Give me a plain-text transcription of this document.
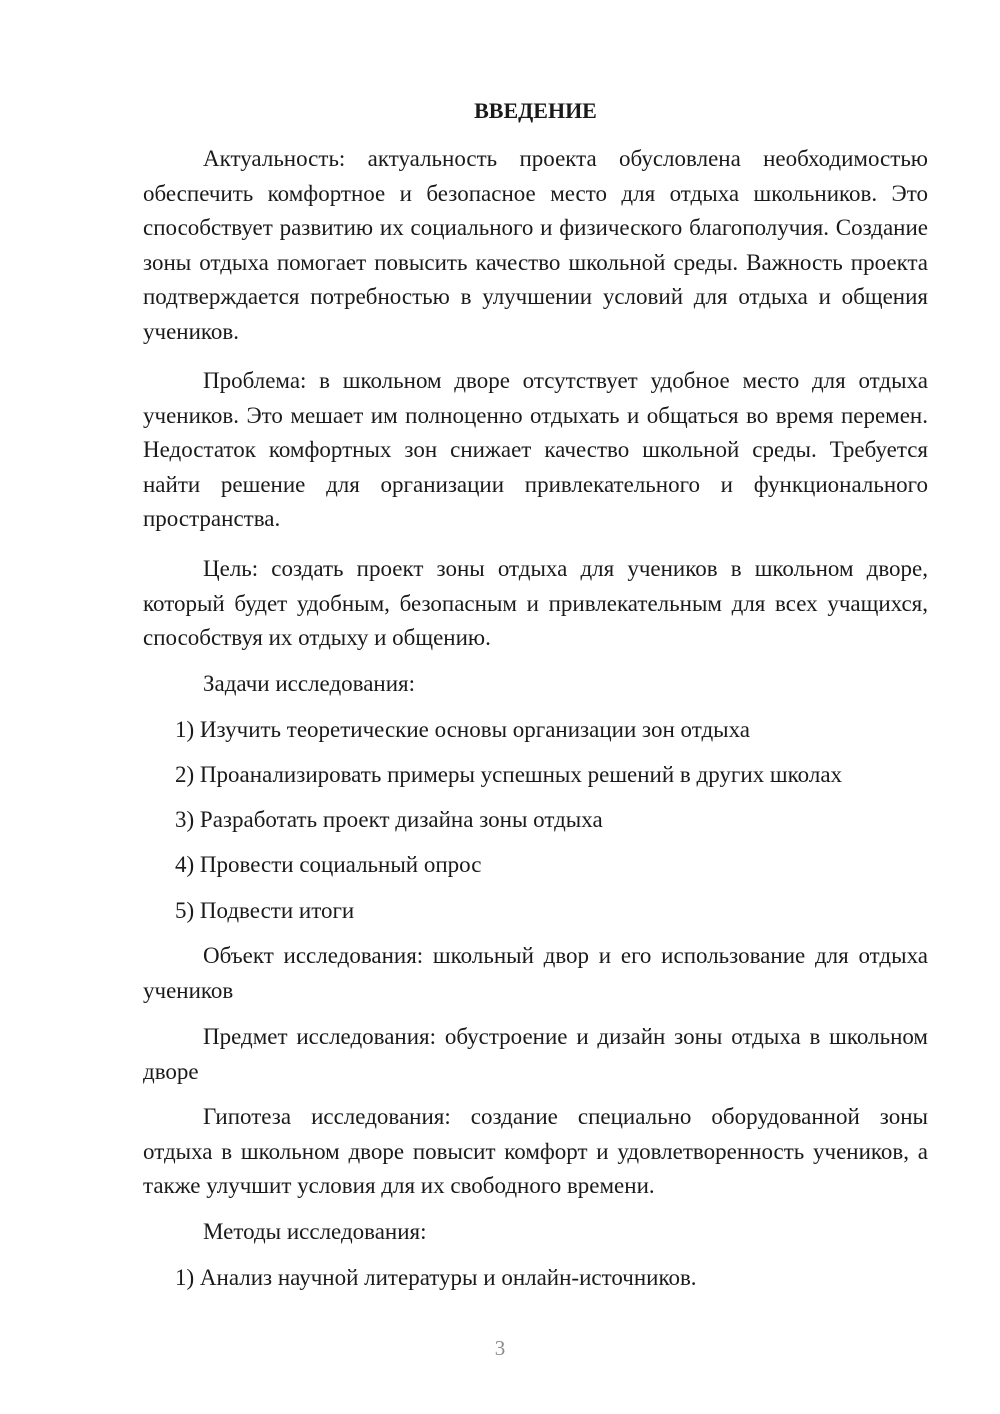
ВВЕДЕНИЕ

Актуальность: актуальность проекта обусловлена необходимостью обеспечить комфортное и безопасное место для отдыха школьников. Это способствует развитию их социального и физического благополучия. Создание зоны отдыха помогает повысить качество школьной среды. Важность проекта подтверждается потребностью в улучшении условий для отдыха и общения учеников.

Проблема: в школьном дворе отсутствует удобное место для отдыха учеников. Это мешает им полноценно отдыхать и общаться во время перемен. Недостаток комфортных зон снижает качество школьной среды. Требуется найти решение для организации привлекательного и функционального пространства.

Цель: создать проект зоны отдыха для учеников в школьном дворе, который будет удобным, безопасным и привлекательным для всех учащихся, способствуя их отдыху и общению.

Задачи исследования:

1) Изучить теоретические основы организации зон отдыха

2) Проанализировать примеры успешных решений в других школах

3) Разработать проект дизайна зоны отдыха

4) Провести социальный опрос

5) Подвести итоги

Объект исследования: школьный двор и его использование для отдыха учеников

Предмет исследования: обустроение и дизайн зоны отдыха в школьном дворе

Гипотеза исследования: создание специально оборудованной зоны отдыха в школьном дворе повысит комфорт и удовлетворенность учеников, а также улучшит условия для их свободного времени.

Методы исследования:

1) Анализ научной литературы и онлайн-источников.

3
